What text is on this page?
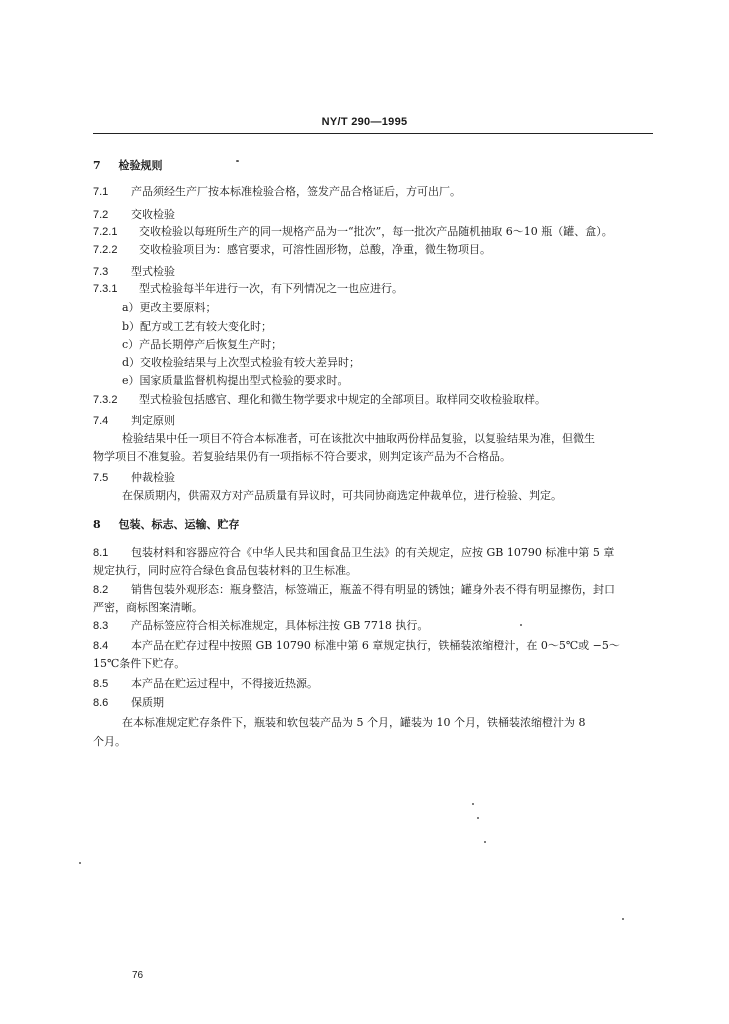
NY/T 290—1995
7 检验规则
7.1 产品须经生产厂按本标准检验合格，签发产品合格证后，方可出厂。
7.2 交收检验
7.2.1 交收检验以每班所生产的同一规格产品为一“批次”，每一批次产品随机抽取 6～10 瓶（罐、盒）。
7.2.2 交收检验项目为：感官要求，可溶性固形物，总酸，净重，微生物项目。
7.3 型式检验
7.3.1 型式检验每半年进行一次，有下列情况之一也应进行。
a）更改主要原料；
b）配方或工艺有较大变化时；
c）产品长期停产后恢复生产时；
d）交收检验结果与上次型式检验有较大差异时；
e）国家质量监督机构提出型式检验的要求时。
7.3.2 型式检验包括感官、理化和微生物学要求中规定的全部项目。取样同交收检验取样。
7.4 判定原则
检验结果中任一项目不符合本标准者，可在该批次中抽取两份样品复验，以复验结果为准，但微生
物学项目不准复验。若复验结果仍有一项指标不符合要求，则判定该产品为不合格品。
7.5 仲裁检验
在保质期内，供需双方对产品质量有异议时，可共同协商选定仲裁单位，进行检验、判定。
8 包装、标志、运输、贮存
8.1 包装材料和容器应符合《中华人民共和国食品卫生法》的有关规定，应按 GB 10790 标准中第 5 章
规定执行，同时应符合绿色食品包装材料的卫生标准。
8.2 销售包装外观形态：瓶身整洁，标签端正，瓶盖不得有明显的锈蚀；罐身外表不得有明显擦伤，封口
严密，商标图案清晰。
8.3 产品标签应符合相关标准规定，具体标注按 GB 7718 执行。
8.4 本产品在贮存过程中按照 GB 10790 标准中第 6 章规定执行，铁桶装浓缩橙汁，在 0～5℃或 −5～
15℃条件下贮存。
8.5 本产品在贮运过程中，不得接近热源。
8.6 保质期
在本标准规定贮存条件下，瓶装和软包装产品为 5 个月，罐装为 10 个月，铁桶装浓缩橙汁为 8
个月。
76
